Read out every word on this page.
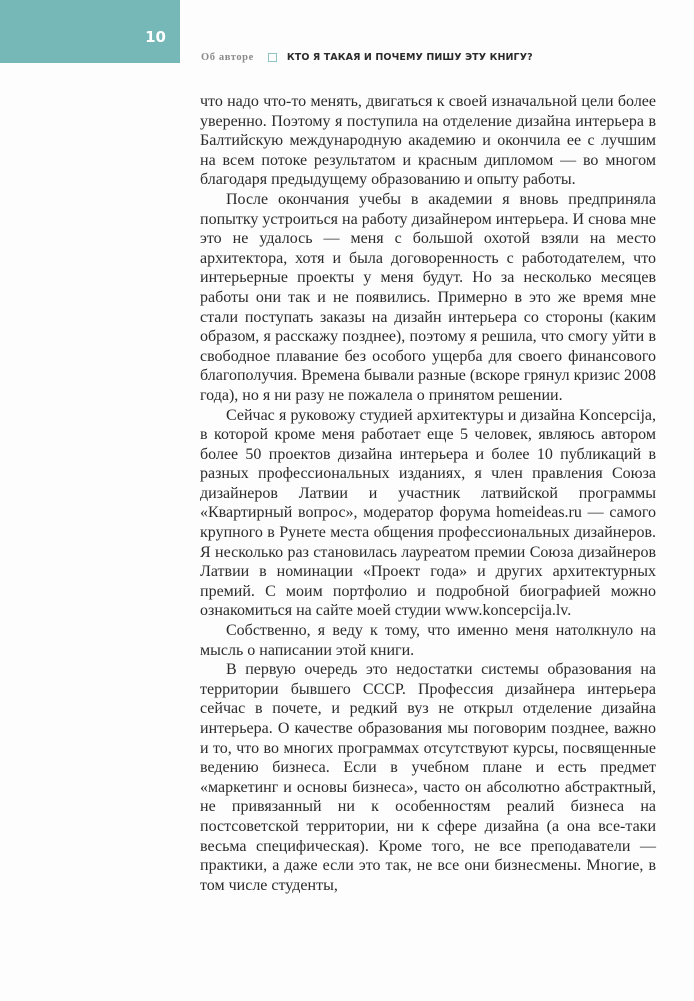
10
Об авторе	КТО Я ТАКАЯ И ПОЧЕМУ ПИШУ ЭТУ КНИГУ?

что надо что-то менять, двигаться к своей изначальной цели более уверенно. Поэтому я поступила на отделение дизайна интерьера в Балтийскую международную академию и окончила ее с лучшим на всем потоке результатом и красным дипломом — во многом благодаря предыдущему образованию и опыту работы.

После окончания учебы в академии я вновь предприняла попытку устроиться на работу дизайнером интерьера. И снова мне это не удалось — меня с большой охотой взяли на место архитектора, хотя и была договоренность с работодателем, что интерьерные проекты у меня будут. Но за несколько месяцев работы они так и не появились. Примерно в это же время мне стали поступать заказы на дизайн интерьера со стороны (каким образом, я расскажу позднее), поэтому я решила, что смогу уйти в свободное плавание без особого ущерба для своего финансового благополучия. Времена бывали разные (вскоре грянул кризис 2008 года), но я ни разу не пожалела о принятом решении.

Сейчас я руковожу студией архитектуры и дизайна Koncepcija, в которой кроме меня работает еще 5 человек, являюсь автором более 50 проектов дизайна интерьера и более 10 публикаций в разных профессиональных изданиях, я член правления Союза дизайнеров Латвии и участник латвийской программы «Квартирный вопрос», модератор форума homeideas.ru — самого крупного в Рунете места общения профессиональных дизайнеров. Я несколько раз становилась лауреатом премии Союза дизайнеров Латвии в номинации «Проект года» и других архитектурных премий. С моим портфолио и подробной биографией можно ознакомиться на сайте моей студии www.koncepcija.lv.

Собственно, я веду к тому, что именно меня натолкнуло на мысль о написании этой книги.

В первую очередь это недостатки системы образования на территории бывшего СССР. Профессия дизайнера интерьера сейчас в почете, и редкий вуз не открыл отделение дизайна интерьера. О качестве образования мы поговорим позднее, важно и то, что во многих программах отсутствуют курсы, посвященные ведению бизнеса. Если в учебном плане и есть предмет «маркетинг и основы бизнеса», часто он абсолютно абстрактный, не привязанный ни к особенностям реалий бизнеса на постсоветской территории, ни к сфере дизайна (а она все-таки весьма специфическая). Кроме того, не все преподаватели — практики, а даже если это так, не все они бизнесмены. Многие, в том числе студенты,
